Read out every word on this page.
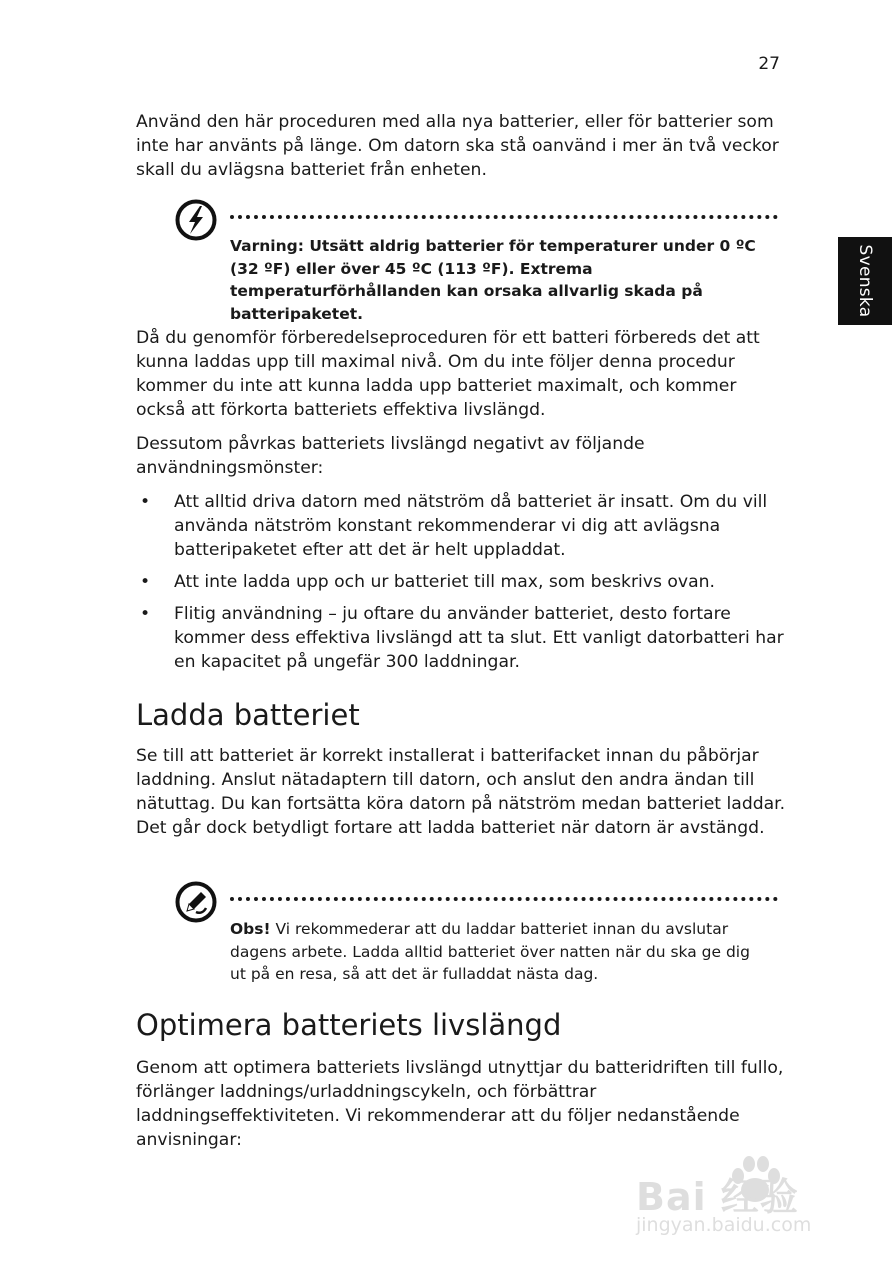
27
Svenska

Använd den här proceduren med alla nya batterier, eller för batterier som inte har använts på länge. Om datorn ska stå oanvänd i mer än två veckor skall du avlägsna batteriet från enheten.

Varning: Utsätt aldrig batterier för temperaturer under 0 ºC (32 ºF) eller över 45 ºC (113 ºF). Extrema temperaturförhållanden kan orsaka allvarlig skada på batteripaketet.

Då du genomför förberedelseproceduren för ett batteri förbereds det att kunna laddas upp till maximal nivå. Om du inte följer denna procedur kommer du inte att kunna ladda upp batteriet maximalt, och kommer också att förkorta batteriets effektiva livslängd.

Dessutom påvrkas batteriets livslängd negativt av följande användningsmönster:

• Att alltid driva datorn med nätström då batteriet är insatt. Om du vill använda nätström konstant rekommenderar vi dig att avlägsna batteripaketet efter att det är helt uppladdat.
• Att inte ladda upp och ur batteriet till max, som beskrivs ovan.
• Flitig användning – ju oftare du använder batteriet, desto fortare kommer dess effektiva livslängd att ta slut. Ett vanligt datorbatteri har en kapacitet på ungefär 300 laddningar.
Ladda batteriet

Se till att batteriet är korrekt installerat i batterifacket innan du påbörjar laddning. Anslut nätadaptern till datorn, och anslut den andra ändan till nätuttag. Du kan fortsätta köra datorn på nätström medan batteriet laddar. Det går dock betydligt fortare att ladda batteriet när datorn är avstängd.

Obs! Vi rekommederar att du laddar batteriet innan du avslutar dagens arbete. Ladda alltid batteriet över natten när du ska ge dig ut på en resa, så att det är fulladdat nästa dag.

Optimera batteriets livslängd

Genom att optimera batteriets livslängd utnyttjar du batteridriften till fullo, förlänger laddnings/urladdningscykeln, och förbättrar laddningseffektiviteten. Vi rekommenderar att du följer nedanstående anvisningar:

Bai 经验
jingyan.baidu.com
